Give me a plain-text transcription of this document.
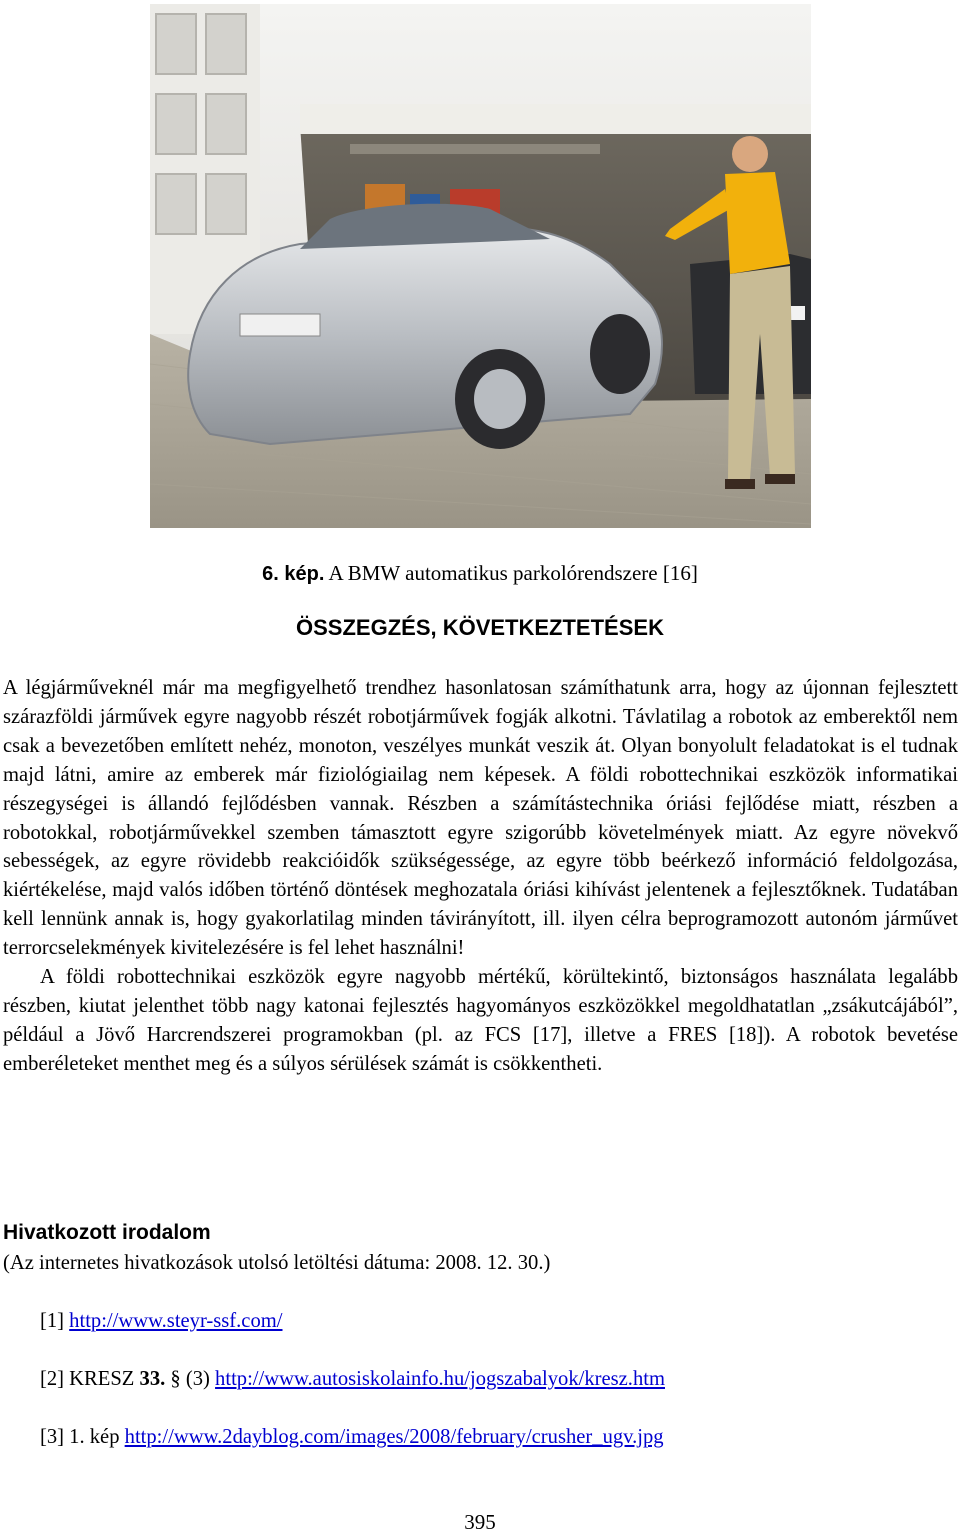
6. kép. A BMW automatikus parkolórendszere [16]
ÖSSZEGZÉS, KÖVETKEZTETÉSEK

A légjárműveknél már ma megfigyelhető trendhez hasonlatosan számíthatunk arra, hogy az újonnan fejlesztett szárazföldi járművek egyre nagyobb részét robotjárművek fogják alkotni. Távlatilag a robotok az emberektől nem csak a bevezetőben említett nehéz, monoton, veszélyes munkát veszik át. Olyan bonyolult feladatokat is el tudnak majd látni, amire az emberek már fiziológiailag nem képesek. A földi robottechnikai eszközök informatikai részegységei is állandó fejlődésben vannak. Részben a számítástechnika óriási fejlődése miatt, részben a robotokkal, robotjárművekkel szemben támasztott egyre szigorúbb követelmények miatt. Az egyre növekvő sebességek, az egyre rövidebb reakcióidők szükségessége, az egyre több beérkező információ feldolgozása, kiértékelése, majd valós időben történő döntések meghozatala óriási kihívást jelentenek a fejlesztőknek. Tudatában kell lennünk annak is, hogy gyakorlatilag minden távirányított, ill. ilyen célra beprogramozott autonóm járművet terrorcselekmények kivitelezésére is fel lehet használni!

A földi robottechnikai eszközök egyre nagyobb mértékű, körültekintő, biztonságos használata legalább részben, kiutat jelenthet több nagy katonai fejlesztés hagyományos eszközökkel megoldhatatlan „zsákutcájából”, például a Jövő Harcrendszerei programokban (pl. az FCS [17], illetve a FRES [18]). A robotok bevetése emberéleteket menthet meg és a súlyos sérülések számát is csökkentheti.

Hivatkozott irodalom
(Az internetes hivatkozások utolsó letöltési dátuma: 2008. 12. 30.)
[1] http://www.steyr-ssf.com/
[2] KRESZ 33. § (3) http://www.autosiskolainfo.hu/jogszabalyok/kresz.htm
[3] 1. kép http://www.2dayblog.com/images/2008/february/crusher_ugv.jpg
395
